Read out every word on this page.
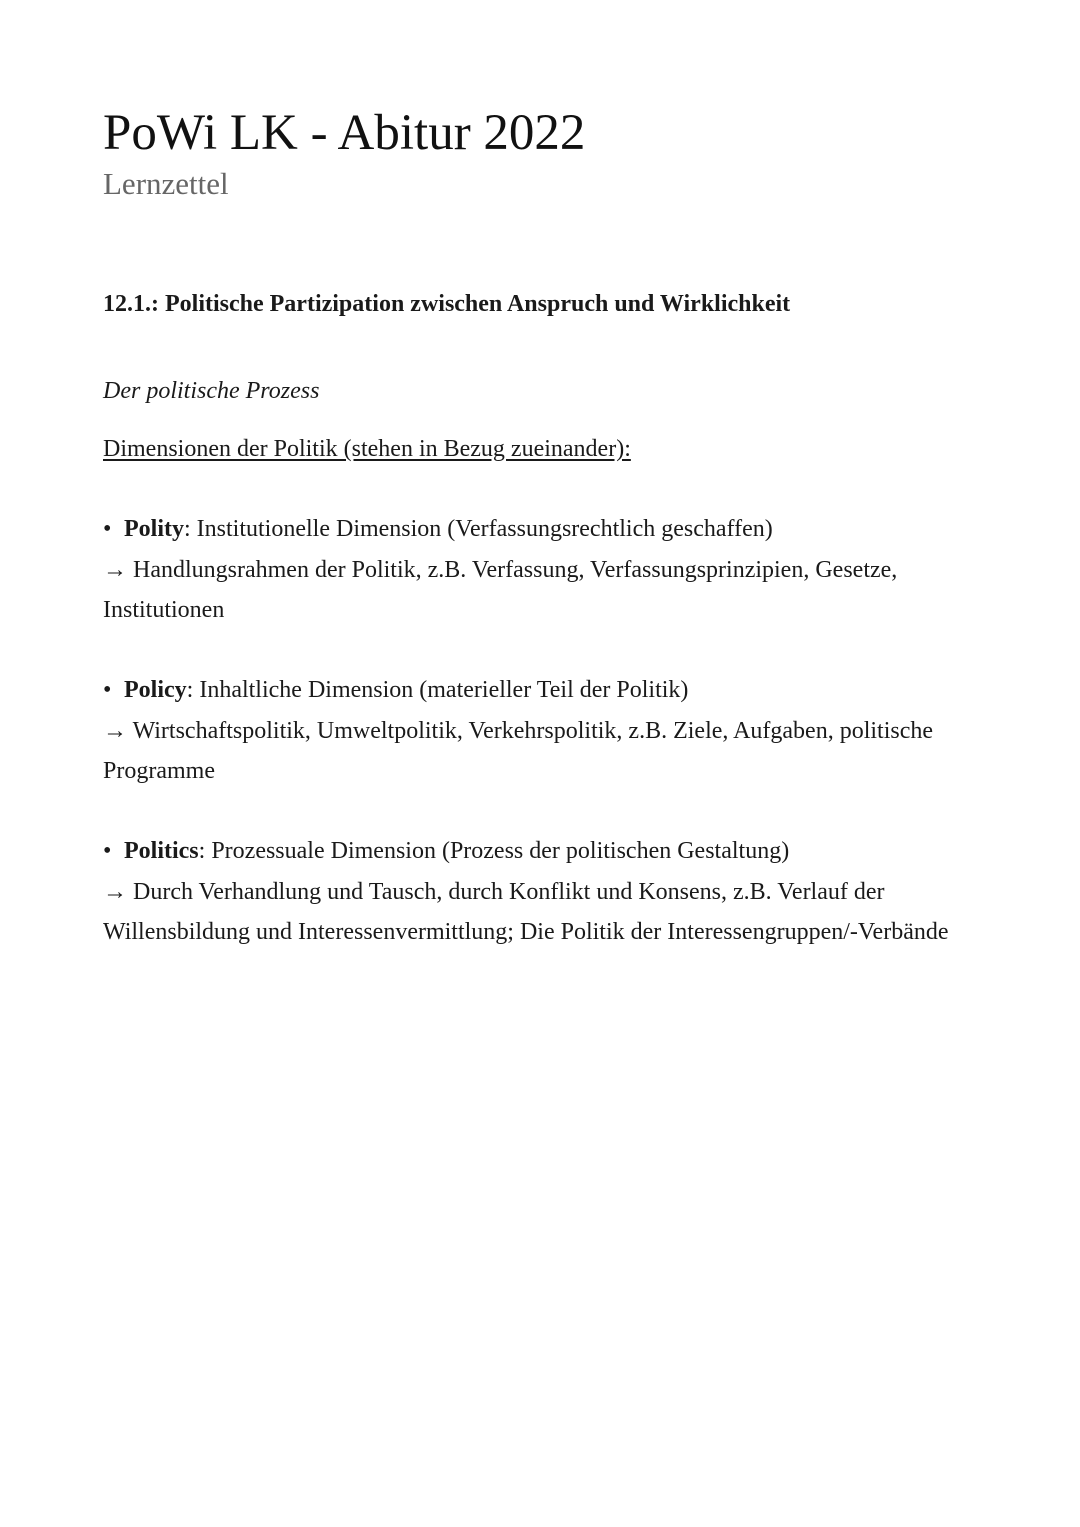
PoWi LK - Abitur 2022
Lernzettel
12.1.: Politische Partizipation zwischen Anspruch und Wirklichkeit
Der politische Prozess
Dimensionen der Politik (stehen in Bezug zueinander):

• Polity: Institutionelle Dimension (Verfassungsrechtlich geschaffen)

→ Handlungsrahmen der Politik, z.B. Verfassung, Verfassungsprinzipien, Gesetze, Institutionen

• Policy: Inhaltliche Dimension (materieller Teil der Politik)

→ Wirtschaftspolitik, Umweltpolitik, Verkehrspolitik, z.B. Ziele, Aufgaben, politische Programme

• Politics: Prozessuale Dimension (Prozess der politischen Gestaltung)

→ Durch Verhandlung und Tausch, durch Konflikt und Konsens, z.B. Verlauf der Willensbildung und Interessenvermittlung; Die Politik der Interessengruppen/-Verbände
